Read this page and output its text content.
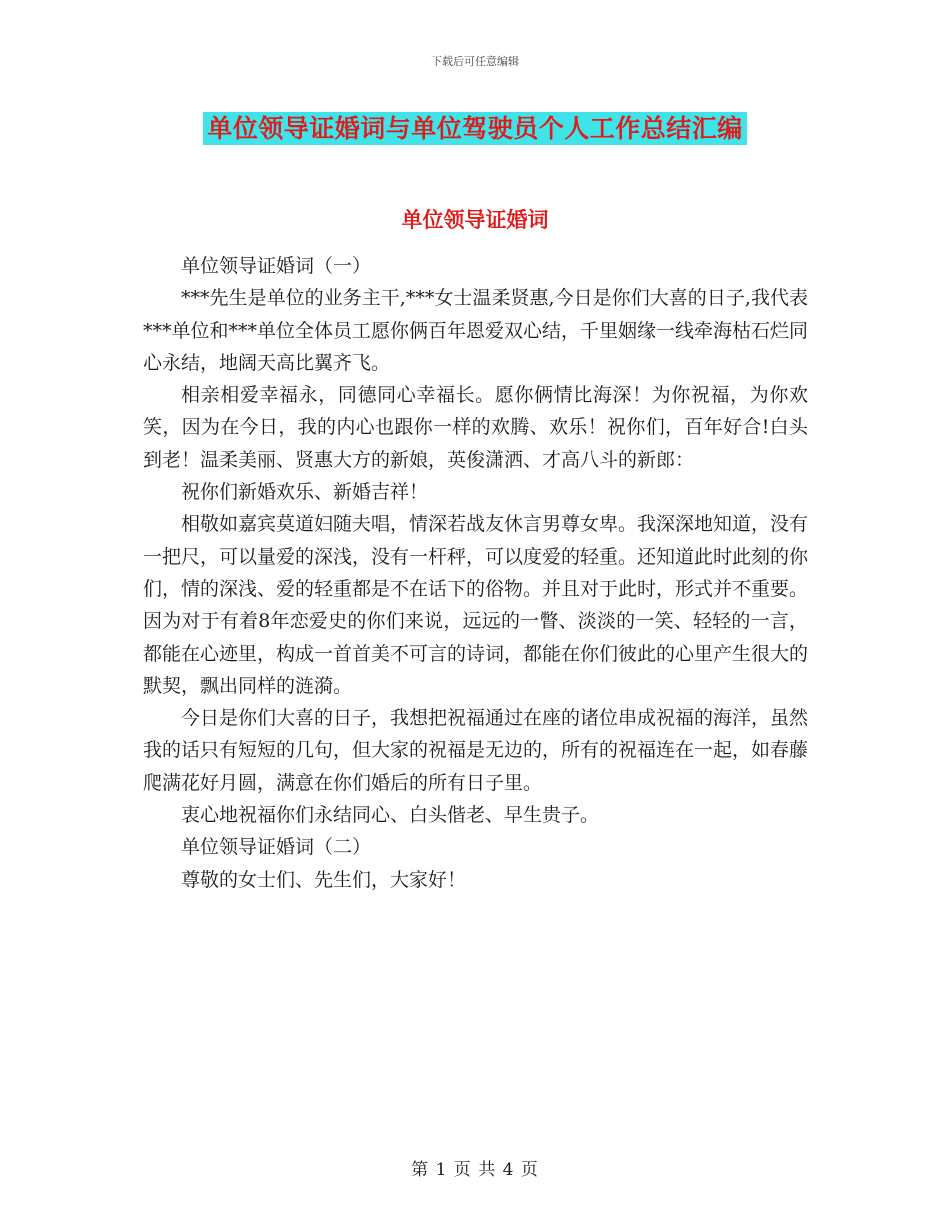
下载后可任意编辑
单位领导证婚词与单位驾驶员个人工作总结汇编
单位领导证婚词

单位领导证婚词（一）

***先生是单位的业务主干,***女士温柔贤惠,今日是你们大喜的日子,我代表***单位和***单位全体员工愿你俩百年恩爱双心结，千里姻缘一线牵海枯石烂同心永结，地阔天高比翼齐飞。

相亲相爱幸福永，同德同心幸福长。愿你俩情比海深！为你祝福，为你欢笑，因为在今日，我的内心也跟你一样的欢腾、欢乐！祝你们，百年好合!白头到老！温柔美丽、贤惠大方的新娘，英俊潇洒、才高八斗的新郎：

祝你们新婚欢乐、新婚吉祥！

相敬如嘉宾莫道妇随夫唱，情深若战友休言男尊女卑。我深深地知道，没有一把尺，可以量爱的深浅，没有一杆秤，可以度爱的轻重。还知道此时此刻的你们，情的深浅、爱的轻重都是不在话下的俗物。并且对于此时，形式并不重要。因为对于有着8年恋爱史的你们来说，远远的一瞥、淡淡的一笑、轻轻的一言，都能在心迹里，构成一首首美不可言的诗词，都能在你们彼此的心里产生很大的默契，飘出同样的涟漪。

今日是你们大喜的日子，我想把祝福通过在座的诸位串成祝福的海洋，虽然我的话只有短短的几句，但大家的祝福是无边的，所有的祝福连在一起，如春藤爬满花好月圆，满意在你们婚后的所有日子里。

衷心地祝福你们永结同心、白头偕老、早生贵子。

单位领导证婚词（二）

尊敬的女士们、先生们，大家好！

第 1 页 共 4 页
